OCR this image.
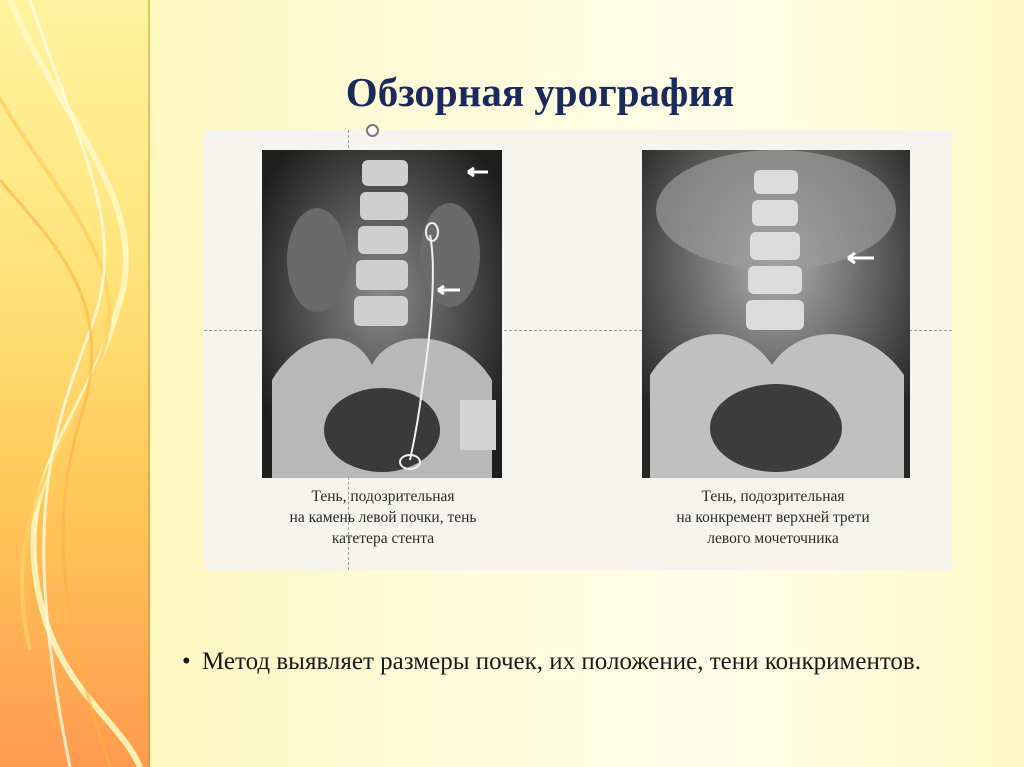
Обзорная урография
Тень, подозрительная
на камень левой почки, тень
катетера стента
Тень, подозрительная
на конкремент верхней трети
левого мочеточника
• Метод выявляет размеры почек, их положение, тени конкриментов.
